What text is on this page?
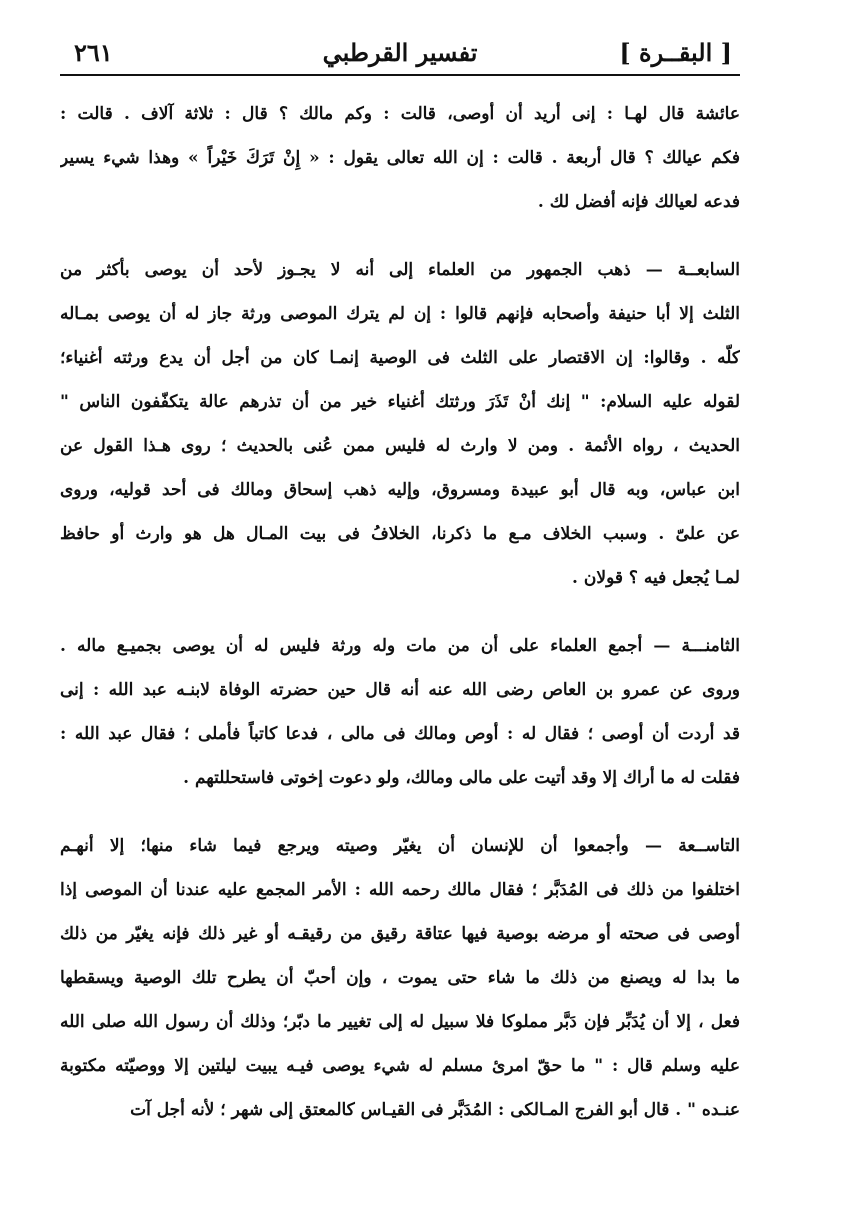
[ البقــرة ]
تفسير القرطبي
٢٦١
عائشة قال لهـا : إنى أريد أن أوصى، قالت : وكم مالك ؟ قال : ثلاثة آلاف . قالت :
فكم عيالك ؟ قال أربعة . قالت : إن الله تعالى يقول : « إِنْ تَرَكَ خَيْراً » وهذا شيء يسير
فدعه لعيالك فإنه أفضل لك .
السابعــة — ذهب الجمهور من العلماء إلى أنه لا يجـوز لأحد أن يوصى بأكثر من
الثلث إلا أبا حنيفة وأصحابه فإنهم قالوا : إن لم يترك الموصى ورثة جاز له أن يوصى بمـاله
كلّه . وقالوا: إن الاقتصار على الثلث فى الوصية إنمـا كان من أجل أن يدع ورثته أغنياء؛
لقوله عليه السلام: " إنك أنْ تَذَرَ ورثتك أغنياء خير من أن تذرهم عالة يتكفّفون الناس "
الحديث ، رواه الأئمة . ومن لا وارث له فليس ممن عُنى بالحديث ؛ روى هـذا القول عن
ابن عباس، وبه قال أبو عبيدة ومسروق، وإليه ذهب إسحاق ومالك فى أحد قوليه، وروى
عن علىّ . وسبب الخلاف مـع ما ذكرنا، الخلافُ فى بيت المـال هل هو وارث أو حافظ
لمـا يُجعل فيه ؟ قولان .
الثامنـــة — أجمع العلماء على أن من مات وله ورثة فليس له أن يوصى بجميـع ماله .
وروى عن عمرو بن العاص رضى الله عنه أنه قال حين حضرته الوفاة لابنـه عبد الله : إنى
قد أردت أن أوصى ؛ فقال له : أوص ومالك فى مالى ، فدعا كاتباً فأملى ؛ فقال عبد الله :
فقلت له ما أراك إلا وقد أتيت على مالى ومالك، ولو دعوت إخوتى فاستحللتهم .
التاســعة — وأجمعوا أن للإنسان أن يغيّر وصيته ويرجع فيما شاء منها؛ إلا أنهـم
اختلفوا من ذلك فى المُدَبَّر ؛ فقال مالك رحمه الله : الأمر المجمع عليه عندنا أن الموصى إذا
أوصى فى صحته أو مرضه بوصية فيها عتاقة رقيق من رقيقـه أو غير ذلك فإنه يغيّر من ذلك
ما بدا له ويصنع من ذلك ما شاء حتى يموت ، وإن أحبّ أن يطرح تلك الوصية ويسقطها
فعل ، إلا أن يُدَبِّر فإن دَبَّر مملوكا فلا سبيل له إلى تغيير ما دبّر؛ وذلك أن رسول الله صلى الله
عليه وسلم قال : " ما حقّ امرئ مسلم له شيء يوصى فيـه يبيت ليلتين إلا ووصيّته مكتوبة
عنـده " . قال أبو الفرج المـالكى : المُدَبَّر فى القيـاس كالمعتق إلى شهر ؛ لأنه أجل آت
